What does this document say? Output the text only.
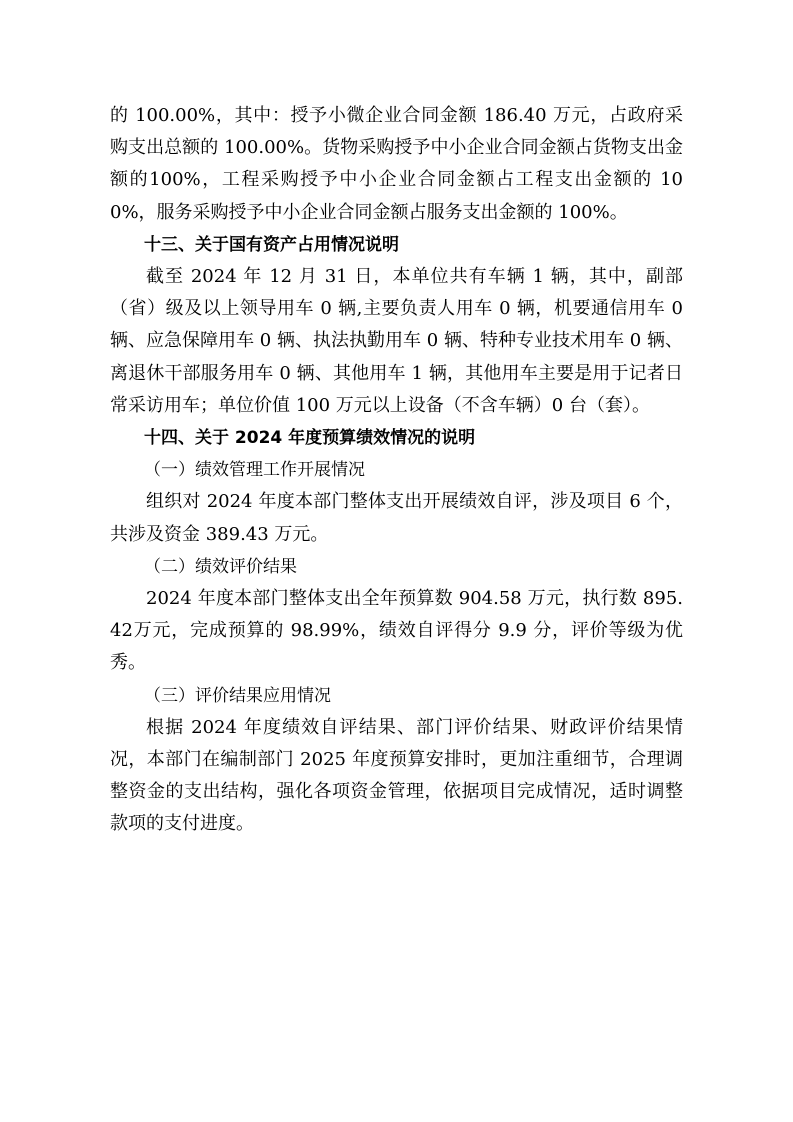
的 100.00%，其中：授予小微企业合同金额 186.40 万元，占政府采购支出总额的 100.00%。货物采购授予中小企业合同金额占货物支出金额的100%，工程采购授予中小企业合同金额占工程支出金额的 100%，服务采购授予中小企业合同金额占服务支出金额的 100%。

十三、关于国有资产占用情况说明

截至 2024 年 12 月 31 日，本单位共有车辆 1 辆，其中，副部（省）级及以上领导用车 0 辆,主要负责人用车 0 辆，机要通信用车 0 辆、应急保障用车 0 辆、执法执勤用车 0 辆、特种专业技术用车 0 辆、离退休干部服务用车 0 辆、其他用车 1 辆，其他用车主要是用于记者日常采访用车；单位价值 100 万元以上设备（不含车辆）0 台（套）。

十四、关于 2024 年度预算绩效情况的说明

（一）绩效管理工作开展情况

组织对 2024 年度本部门整体支出开展绩效自评，涉及项目 6 个，共涉及资金 389.43 万元。

（二）绩效评价结果

2024 年度本部门整体支出全年预算数 904.58 万元，执行数 895.42万元，完成预算的 98.99%，绩效自评得分 9.9 分，评价等级为优秀。

（三）评价结果应用情况

根据 2024 年度绩效自评结果、部门评价结果、财政评价结果情况，本部门在编制部门 2025 年度预算安排时，更加注重细节，合理调整资金的支出结构，强化各项资金管理，依据项目完成情况，适时调整款项的支付进度。
